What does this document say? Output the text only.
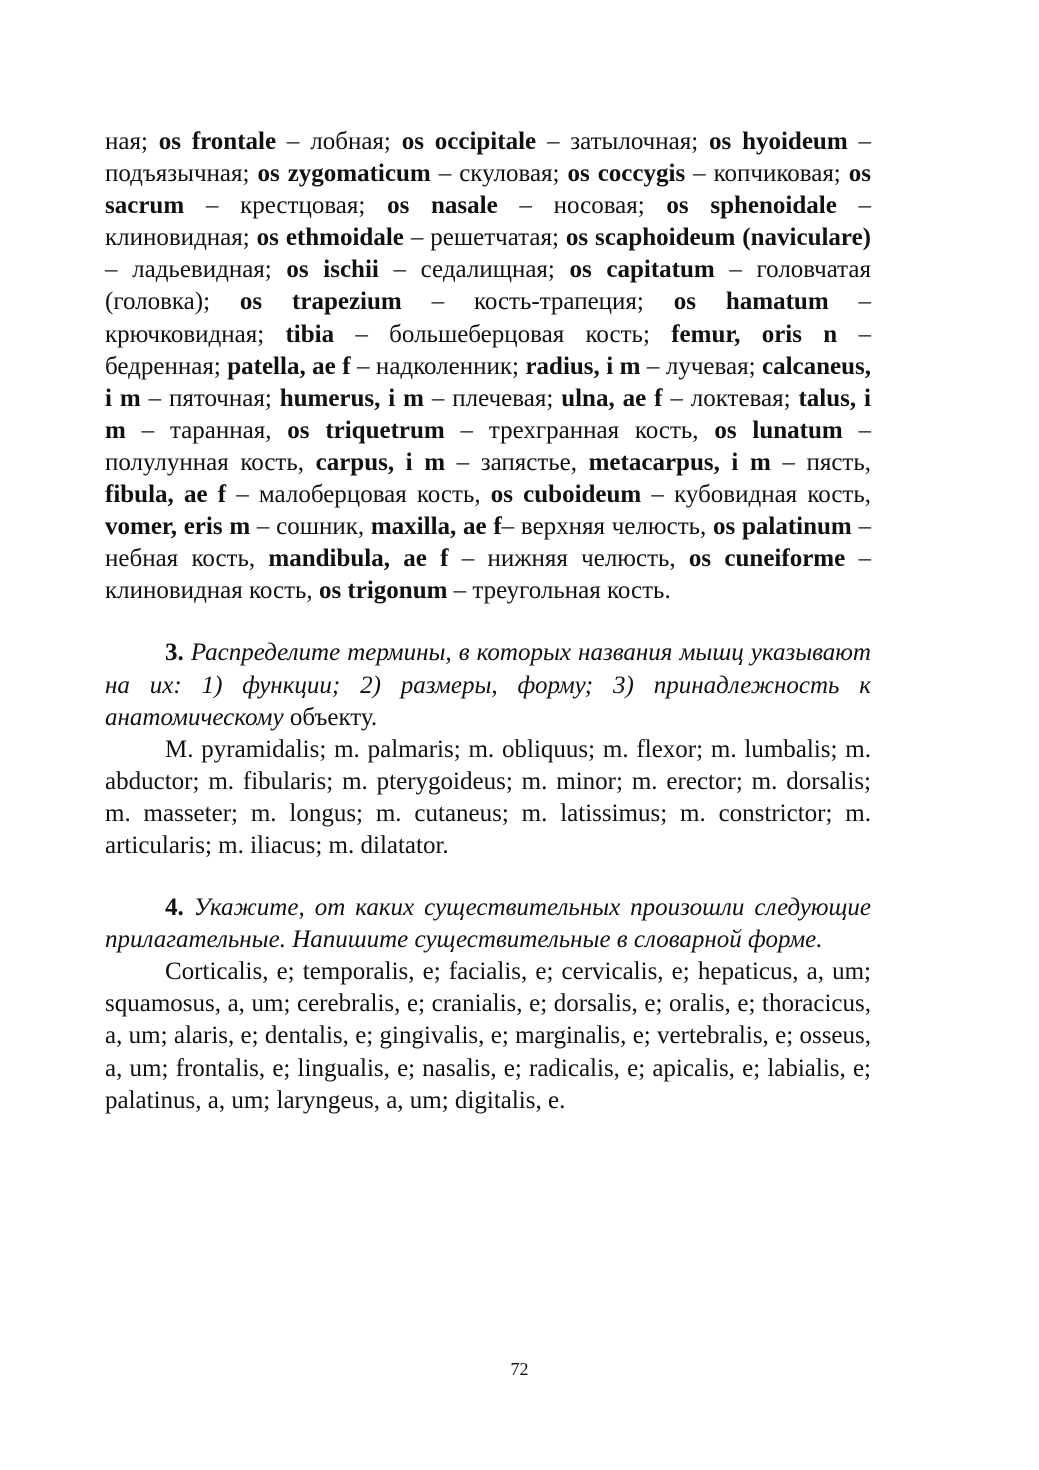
ная; os frontale – лобная; os occipitale – затылочная; os hyoideum – подъязычная; os zygomaticum – скуловая; os coccygis – копчиковая; os sacrum – крестцовая; os nasale – носовая; os sphenoidale – клиновидная; os ethmoidale – решетчатая; os scaphoideum (naviculare) – ладьевидная; os ischii – седалищная; os capitatum – головчатая (головка); os trapezium – кость-трапеция; os hamatum – крючковидная; tibia – большеберцовая кость; femur, oris n – бедренная; patella, ae f – надколенник; radius, i m – лучевая; calcaneus, i m – пяточная; humerus, i m – плечевая; ulna, ae f – локтевая; talus, i m – таранная, os triquetrum – трехгранная кость, os lunatum – полулунная кость, carpus, i m – запястье, metacarpus, i m – пясть, fibula, ae f – малоберцовая кость, os cuboideum – кубовидная кость, vomer, eris m – сошник, maxilla, ae f– верхняя челюсть, os palatinum – небная кость, mandibula, ae f – нижняя челюсть, os cuneiforme – клиновидная кость, os trigonum – треугольная кость.

3. Распределите термины, в которых названия мышц указывают на их: 1) функции; 2) размеры, форму; 3) принадлежность к анатомическому объекту.

M. pyramidalis; m. palmaris; m. obliquus; m. flexor; m. lumbalis; m. abductor; m. fibularis; m. pterygoideus; m. minor; m. erector; m. dorsalis; m. masseter; m. longus; m. cutaneus; m. latissimus; m. constrictor; m. articularis; m. iliacus; m. dilatator.

4. Укажите, от каких существительных произошли следующие прилагательные. Напишите существительные в словарной форме.

Corticalis, e; temporalis, e; facialis, e; cervicalis, e; hepaticus, a, um; squamosus, a, um; cerebralis, e; cranialis, e; dorsalis, e; oralis, e; thoracicus, a, um; alaris, e; dentalis, e; gingivalis, e; marginalis, e; vertebralis, e; osseus, a, um; frontalis, e; lingualis, e; nasalis, e; radicalis, e; apicalis, e; labialis, e; palatinus, a, um; laryngeus, a, um; digitalis, e.

72
